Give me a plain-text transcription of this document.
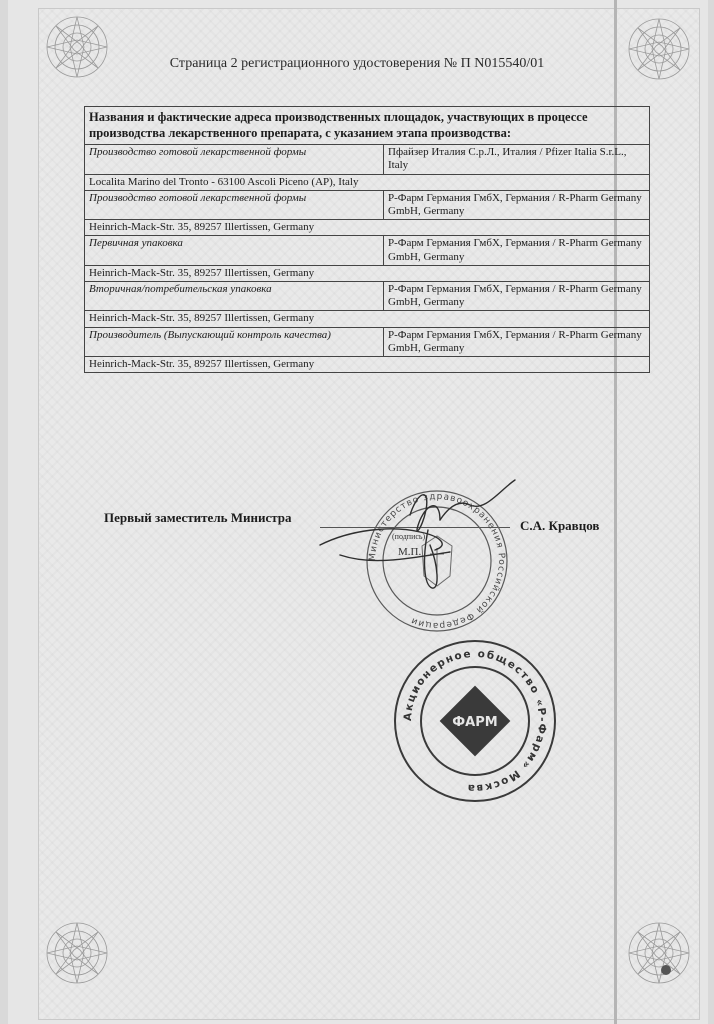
Страница 2 регистрационного удостоверения № П N015540/01
Названия и фактические адреса производственных площадок, участвующих в процессе производства лекарственного препарата, с указанием этапа производства:	
Производство готовой лекарственной формы	Пфайзер Италия С.р.Л., Италия / Pfizer Italia S.r.L., Italy
Localita Marino del Tronto - 63100 Ascoli Piceno (AP), Italy	
Производство готовой лекарственной формы	Р-Фарм Германия ГмбХ, Германия / R-Pharm Germany GmbH, Germany
Heinrich-Mack-Str. 35, 89257 Illertissen, Germany	
Первичная упаковка	Р-Фарм Германия ГмбХ, Германия / R-Pharm Germany GmbH, Germany
Heinrich-Mack-Str. 35, 89257 Illertissen, Germany	
Вторичная/потребительская упаковка	Р-Фарм Германия ГмбХ, Германия / R-Pharm Germany GmbH, Germany
Heinrich-Mack-Str. 35, 89257 Illertissen, Germany	
Производитель (Выпускающий контроль качества)	Р-Фарм Германия ГмбХ, Германия / R-Pharm Germany GmbH, Germany
Heinrich-Mack-Str. 35, 89257 Illertissen, Germany	
Первый заместитель Министра
(подпись)
М.П.
С.А. Кравцов
Министерство здравоохранения Российской Федерации
Акционерное общество «Р-Фарм» Москва
ФАРМ
